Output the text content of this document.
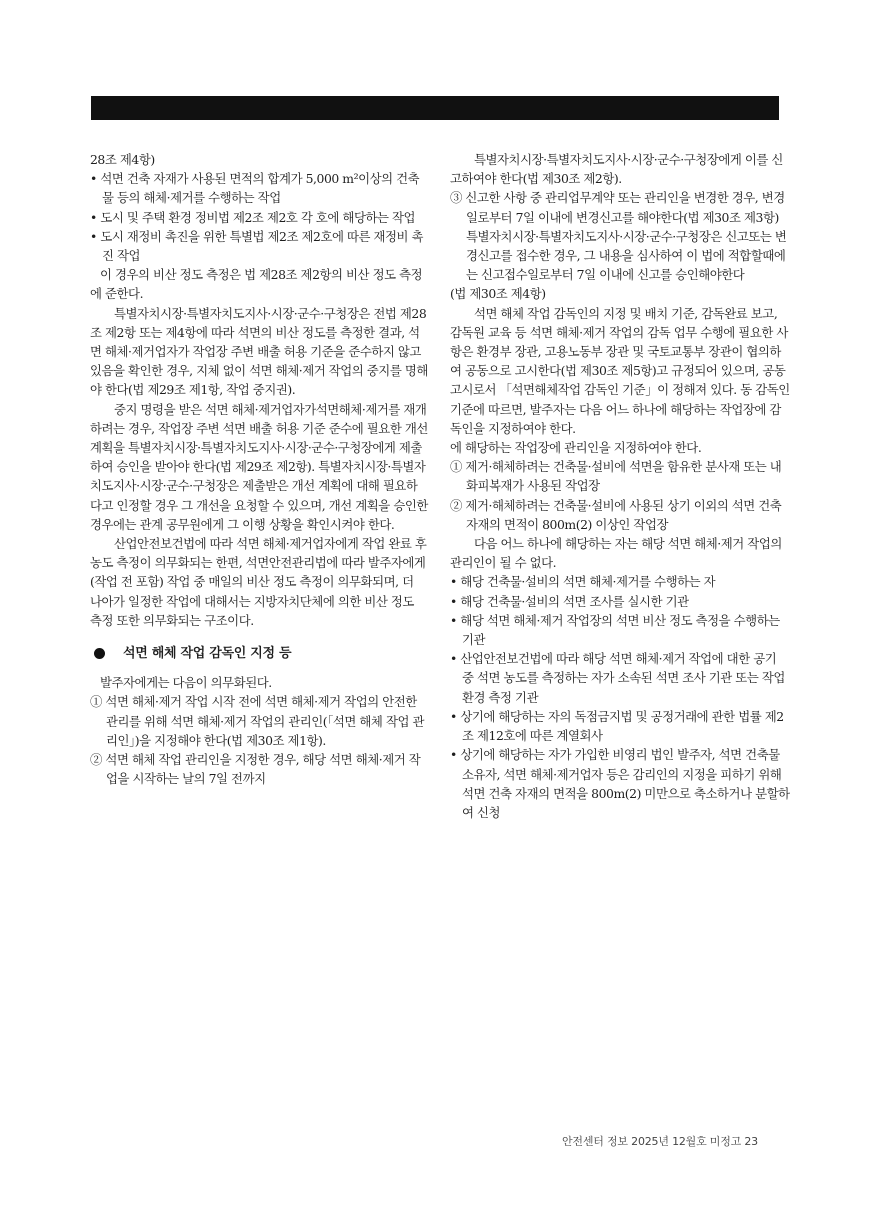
28조 제4항)

• 석면 건축 자재가 사용된 면적의 합계가 5,000 m²이상의 건축물 등의 해체·제거를 수행하는 작업

• 도시 및 주택 환경 정비법 제2조 제2호 각 호에 해당하는 작업

• 도시 재정비 촉진을 위한 특별법 제2조 제2호에 따른 재정비 촉진 작업

이 경우의 비산 정도 측정은 법 제28조 제2항의 비산 정도 측정에 준한다.

특별자치시장·특별자치도지사·시장·군수·구청장은 전법 제28조 제2항 또는 제4항에 따라 석면의 비산 정도를 측정한 결과, 석면 해체·제거업자가 작업장 주변 배출 허용 기준을 준수하지 않고 있음을 확인한 경우, 지체 없이 석면 해체·제거 작업의 중지를 명해야 한다(법 제29조 제1항, 작업 중지권).

중지 명령을 받은 석면 해체·제거업자가석면해체·제거를 재개하려는 경우, 작업장 주변 석면 배출 허용 기준 준수에 필요한 개선 계획을 특별자치시장·특별자치도지사·시장·군수·구청장에게 제출하여 승인을 받아야 한다(법 제29조 제2항). 특별자치시장·특별자치도지사·시장·군수·구청장은 제출받은 개선 계획에 대해 필요하다고 인정할 경우 그 개선을 요청할 수 있으며, 개선 계획을 승인한 경우에는 관계 공무원에게 그 이행 상황을 확인시켜야 한다.

산업안전보건법에 따라 석면 해체·제거업자에게 작업 완료 후 농도 측정이 의무화되는 한편, 석면안전관리법에 따라 발주자에게 (작업 전 포함) 작업 중 매일의 비산 정도 측정이 의무화되며, 더 나아가 일정한 작업에 대해서는 지방자치단체에 의한 비산 정도 측정 또한 의무화되는 구조이다.

석면 해체 작업 감독인 지정 등

발주자에게는 다음이 의무화된다.

① 석면 해체·제거 작업 시작 전에 석면 해체·제거 작업의 안전한 관리를 위해 석면 해체·제거 작업의 관리인(「석면 해체 작업 관리인」)을 지정해야 한다(법 제30조 제1항).

② 석면 해체 작업 관리인을 지정한 경우, 해당 석면 해체·제거 작업을 시작하는 날의 7일 전까지

특별자치시장·특별자치도지사·시장·군수·구청장에게 이를 신고하여야 한다(법 제30조 제2항).

③ 신고한 사항 중 관리업무계약 또는 관리인을 변경한 경우, 변경일로부터 7일 이내에 변경신고를 해야한다(법 제30조 제3항) 특별자치시장·특별자치도지사·시장·군수·구청장은 신고또는 변경신고를 접수한 경우, 그 내용을 심사하여 이 법에 적합할때에는 신고접수일로부터 7일 이내에 신고를 승인해야한다

(법 제30조 제4항)

석면 해체 작업 감독인의 지정 및 배치 기준, 감독완료 보고, 감독원 교육 등 석면 해체·제거 작업의 감독 업무 수행에 필요한 사항은 환경부 장관, 고용노동부 장관 및 국토교통부 장관이 협의하여 공동으로 고시한다(법 제30조 제5항)고 규정되어 있으며, 공동 고시로서 「석면해체작업 감독인 기준」이 정해져 있다. 동 감독인 기준에 따르면, 발주자는 다음 어느 하나에 해당하는 작업장에 감독인을 지정하여야 한다.

에 해당하는 작업장에 관리인을 지정하여야 한다.

① 제거·해체하려는 건축물·설비에 석면을 함유한 분사재 또는 내화피복재가 사용된 작업장

② 제거·해체하려는 건축물·설비에 사용된 상기 이외의 석면 건축 자재의 면적이 800m(2) 이상인 작업장

다음 어느 하나에 해당하는 자는 해당 석면 해체·제거 작업의 관리인이 될 수 없다.

• 해당 건축물·설비의 석면 해체·제거를 수행하는 자

• 해당 건축물·설비의 석면 조사를 실시한 기관

• 해당 석면 해체·제거 작업장의 석면 비산 정도 측정을 수행하는 기관

• 산업안전보건법에 따라 해당 석면 해체·제거 작업에 대한 공기 중 석면 농도를 측정하는 자가 소속된 석면 조사 기관 또는 작업 환경 측정 기관

• 상기에 해당하는 자의 독점금지법 및 공정거래에 관한 법률 제2조 제12호에 따른 계열회사

• 상기에 해당하는 자가 가입한 비영리 법인 발주자, 석면 건축물 소유자, 석면 해체·제거업자 등은 감리인의 지정을 피하기 위해 석면 건축 자재의 면적을 800m(2) 미만으로 축소하거나 분할하여 신청

안전센터 정보 2025년 12월호 미정고 23
